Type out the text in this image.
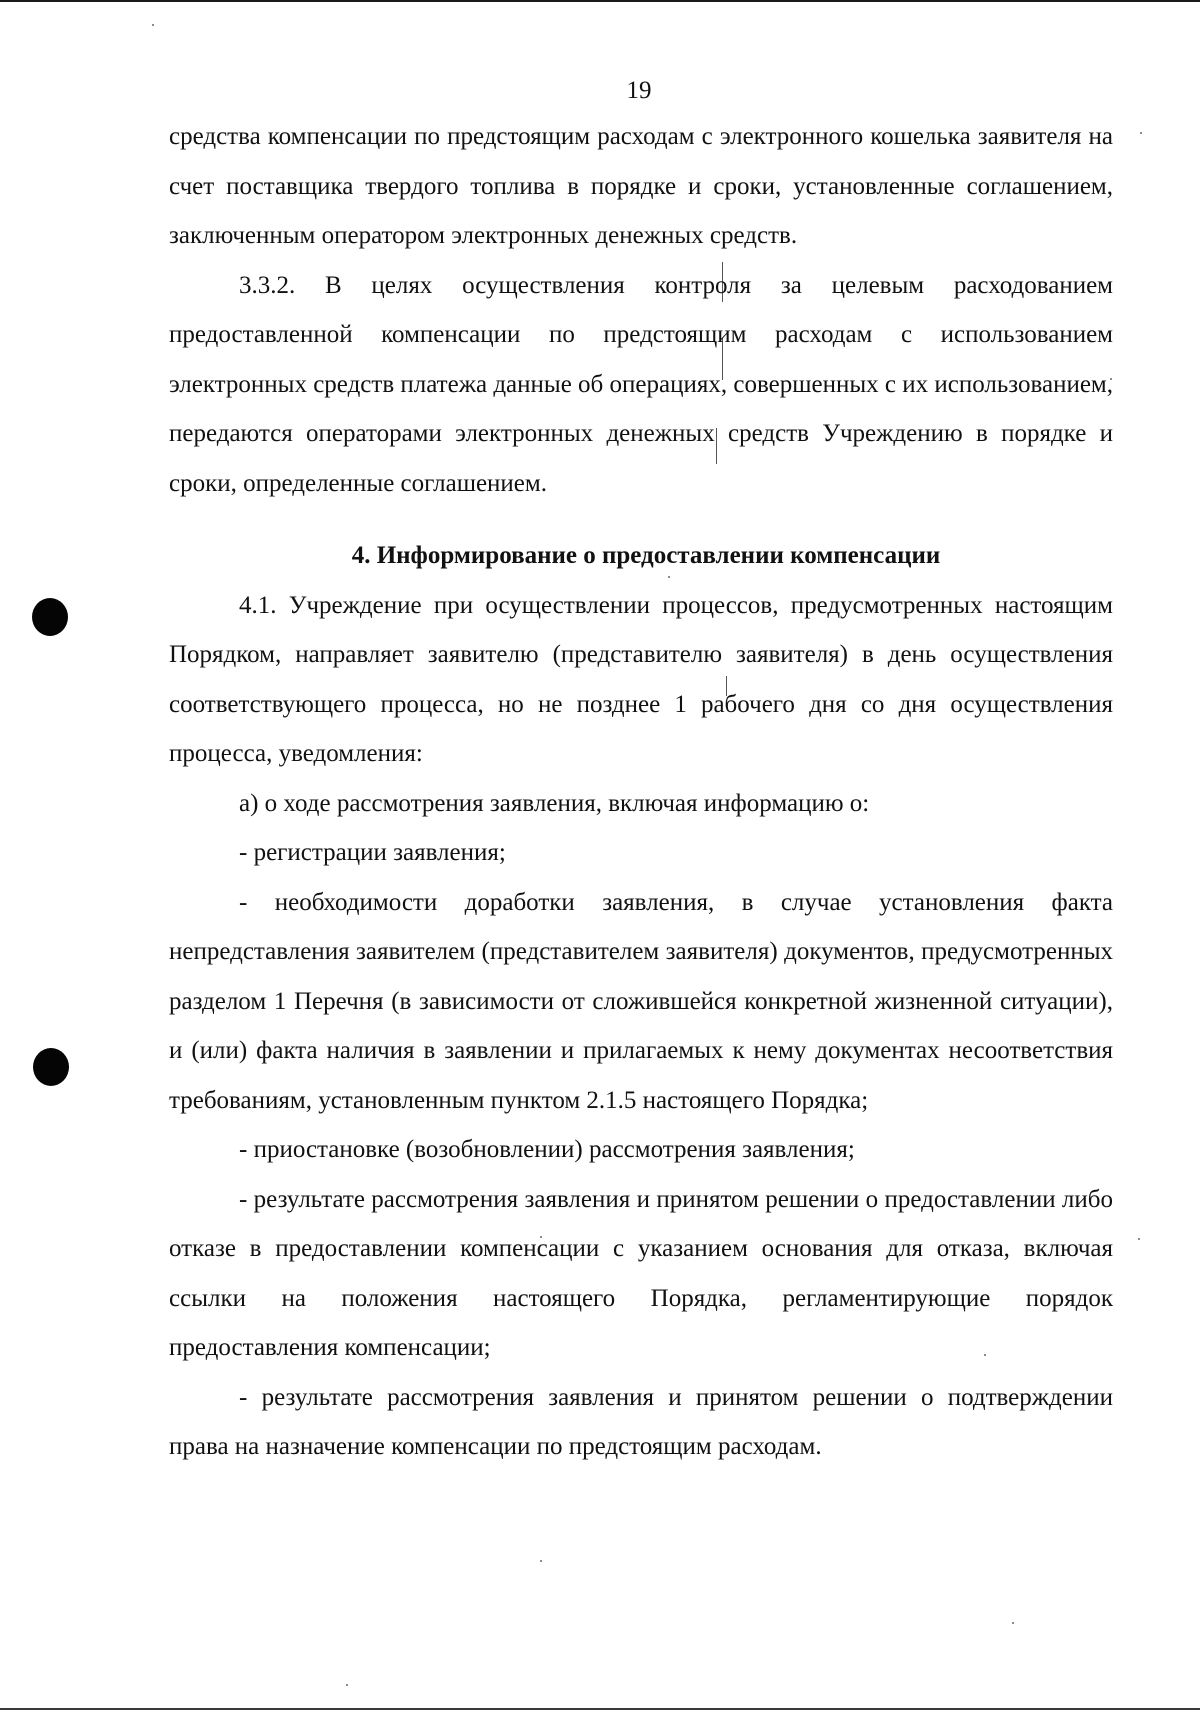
19

средства компенсации по предстоящим расходам с электронного кошелька заявителя на счет поставщика твердого топлива в порядке и сроки, установленные соглашением, заключенным оператором электронных денежных средств.

3.3.2. В целях осуществления контроля за целевым расходованием предоставленной компенсации по предстоящим расходам с использованием электронных средств платежа данные об операциях, совершенных с их использованием, передаются операторами электронных денежных средств Учреждению в порядке и сроки, определенные соглашением.

4. Информирование о предоставлении компенсации

4.1. Учреждение при осуществлении процессов, предусмотренных настоящим Порядком, направляет заявителю (представителю заявителя) в день осуществления соответствующего процесса, но не позднее 1 рабочего дня со дня осуществления процесса, уведомления:

а) о ходе рассмотрения заявления, включая информацию о:

- регистрации заявления;

- необходимости доработки заявления, в случае установления факта непредставления заявителем (представителем заявителя) документов, предусмотренных разделом 1 Перечня (в зависимости от сложившейся конкретной жизненной ситуации), и (или) факта наличия в заявлении и прилагаемых к нему документах несоответствия требованиям, установленным пунктом 2.1.5 настоящего Порядка;

- приостановке (возобновлении) рассмотрения заявления;

- результате рассмотрения заявления и принятом решении о предоставлении либо отказе в предоставлении компенсации с указанием основания для отказа, включая ссылки на положения настоящего Порядка, регламентирующие порядок предоставления компенсации;

- результате рассмотрения заявления и принятом решении о подтверждении права на назначение компенсации по предстоящим расходам.
